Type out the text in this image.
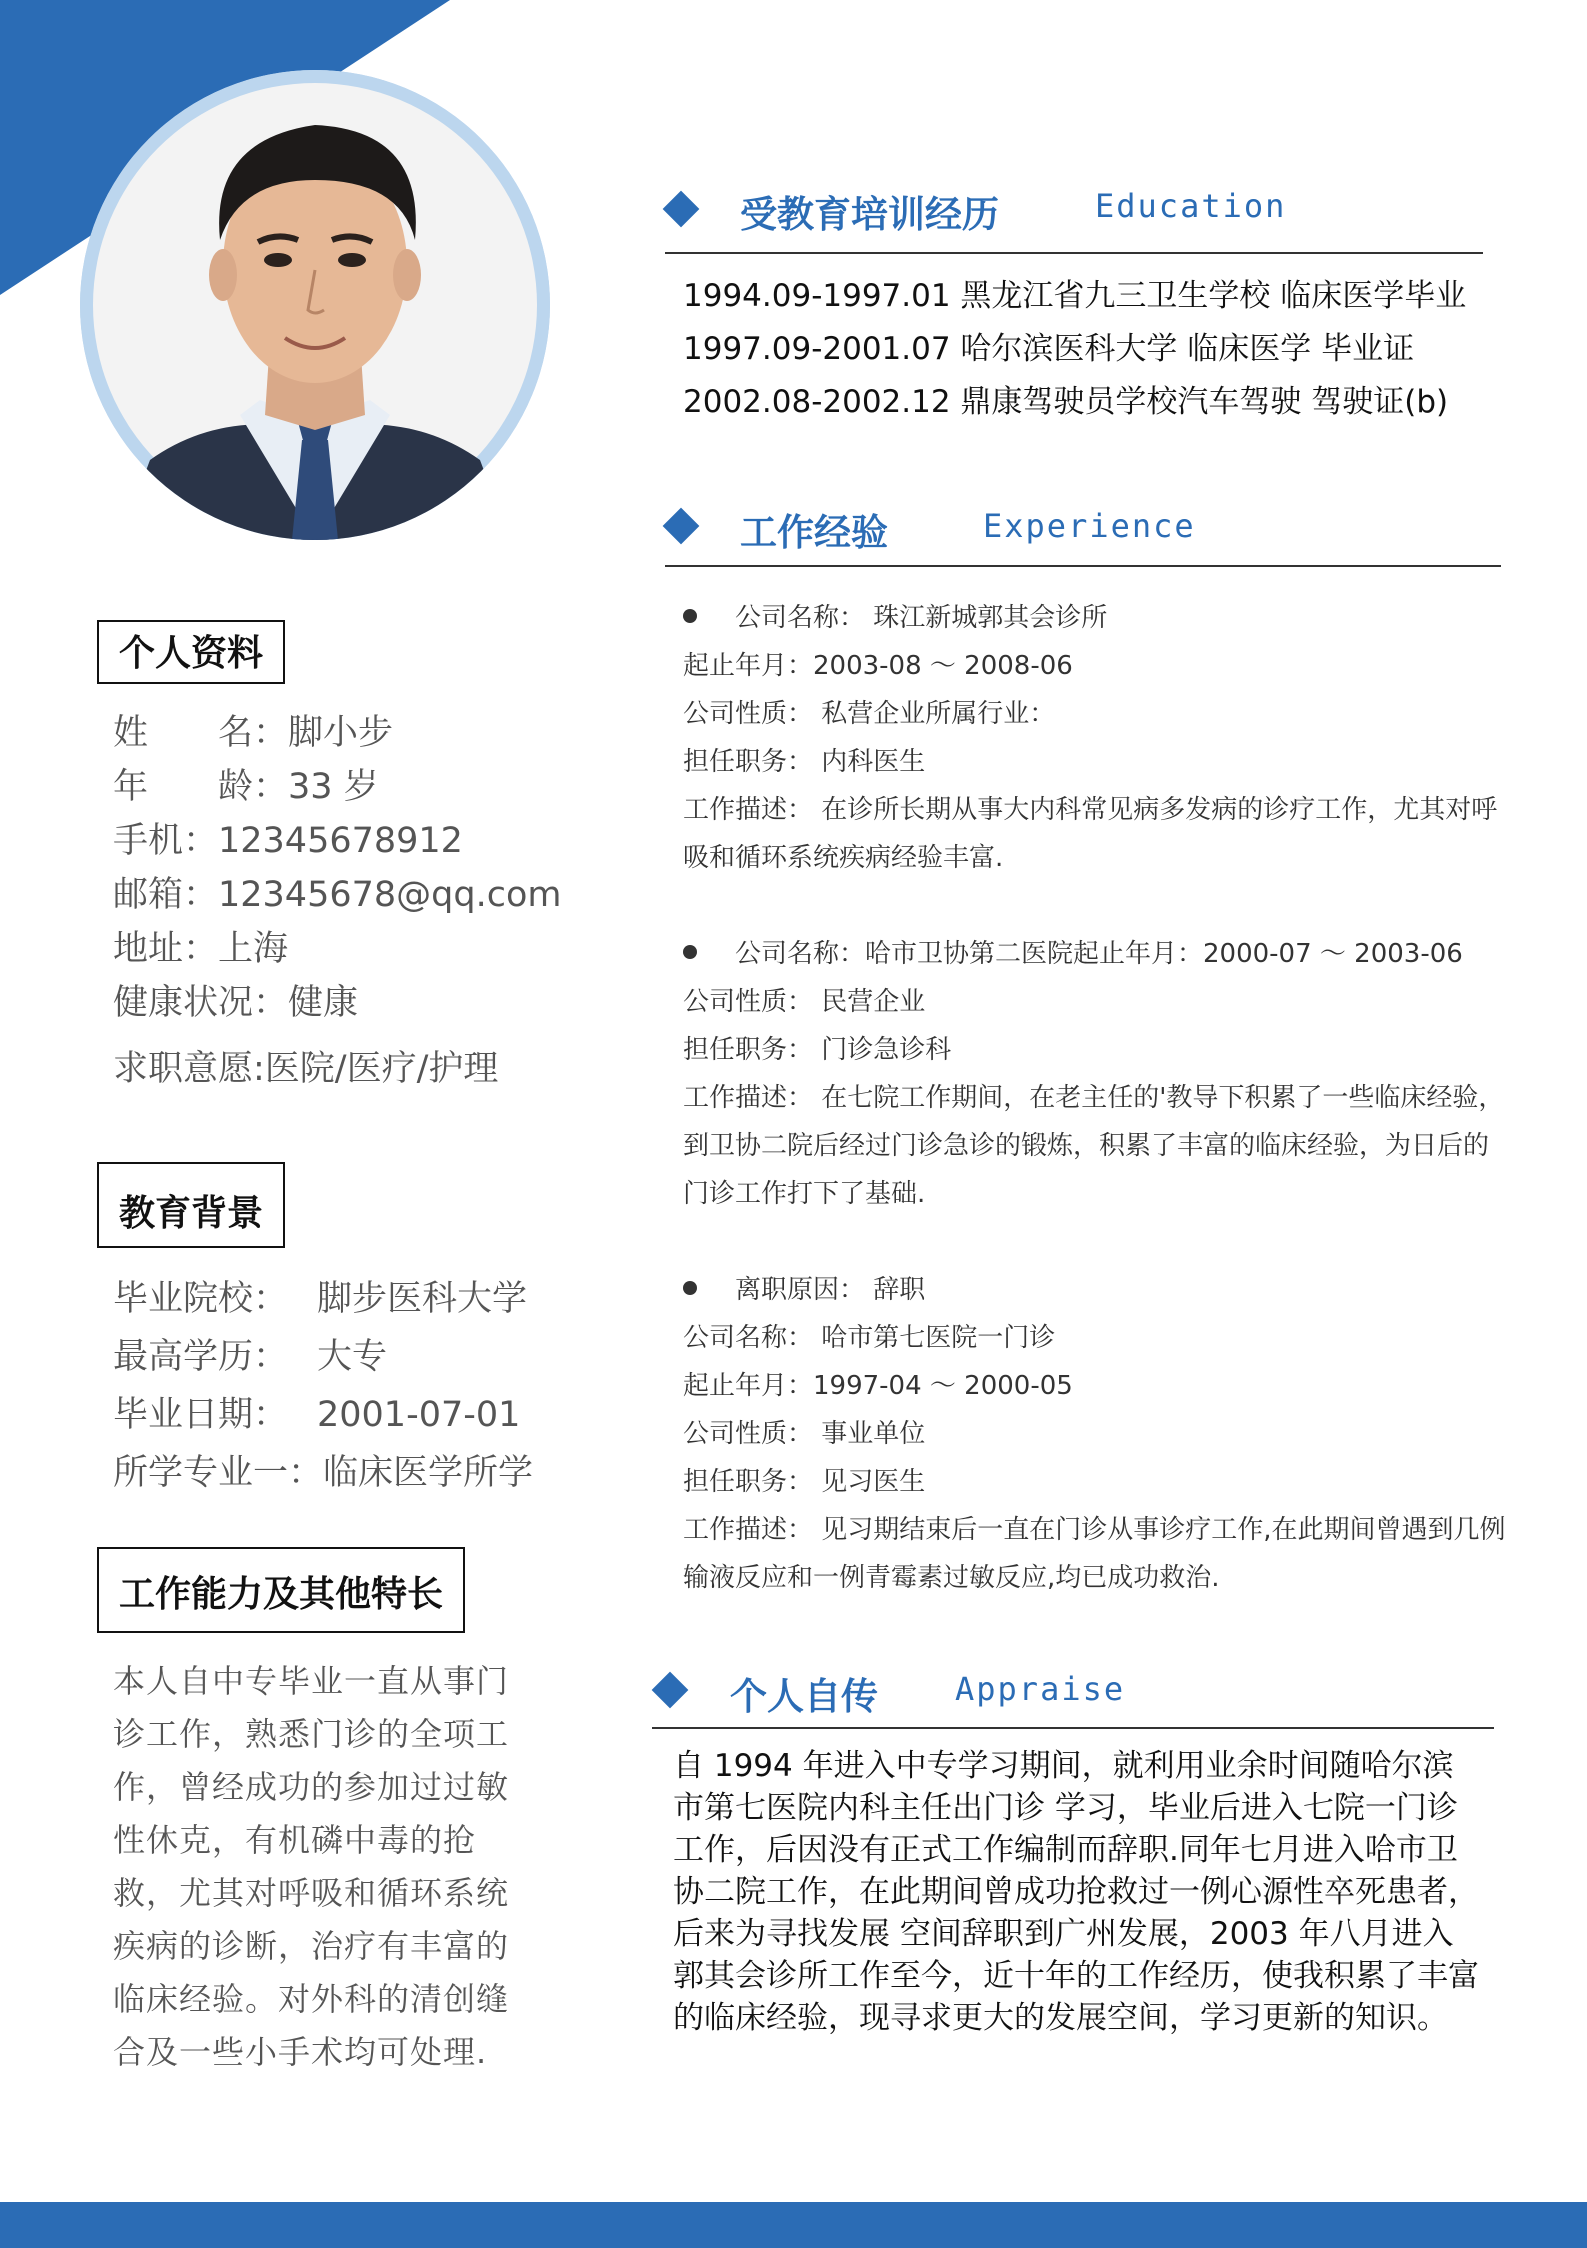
个人资料
姓　　名：脚小步
年　　龄：33 岁
手机：12345678912
邮箱：12345678@qq.com
地址：上海
健康状况：健康
求职意愿:医院/医疗/护理
教育背景
毕业院校： 脚步医科大学
最高学历： 大专
毕业日期： 2001-07-01
所学专业一：临床医学所学
工作能力及其他特长
本人自中专毕业一直从事门诊工作，熟悉门诊的全项工作，曾经成功的参加过过敏性休克，有机磷中毒的抢救，尤其对呼吸和循环系统疾病的诊断，治疗有丰富的临床经验。对外科的清创缝合及一些小手术均可处理.
受教育培训经历	Education
1994.09-1997.01 黑龙江省九三卫生学校 临床医学毕业
1997.09-2001.07 哈尔滨医科大学 临床医学 毕业证
2002.08-2002.12 鼎康驾驶员学校汽车驾驶 驾驶证(b)
工作经验	Experience
公司名称： 珠江新城郭其会诊所
起止年月：2003-08 ～ 2008-06
公司性质： 私营企业所属行业：
担任职务： 内科医生
工作描述： 在诊所长期从事大内科常见病多发病的诊疗工作，尤其对呼吸和循环系统疾病经验丰富.
公司名称：哈市卫协第二医院起止年月：2000-07 ～ 2003-06
公司性质： 民营企业
担任职务： 门诊急诊科
工作描述： 在七院工作期间，在老主任的'教导下积累了一些临床经验，到卫协二院后经过门诊急诊的锻炼，积累了丰富的临床经验，为日后的门诊工作打下了基础.
离职原因： 辞职
公司名称： 哈市第七医院一门诊
起止年月：1997-04 ～ 2000-05
公司性质： 事业单位
担任职务： 见习医生
工作描述： 见习期结束后一直在门诊从事诊疗工作,在此期间曾遇到几例输液反应和一例青霉素过敏反应,均已成功救治.
个人自传 Appraise
自 1994 年进入中专学习期间，就利用业余时间随哈尔滨市第七医院内科主任出门诊 学习，毕业后进入七院一门诊工作，后因没有正式工作编制而辞职.同年七月进入哈市卫协二院工作，在此期间曾成功抢救过一例心源性卒死患者，后来为寻找发展 空间辞职到广州发展，2003 年八月进入郭其会诊所工作至今，近十年的工作经历，使我积累了丰富的临床经验，现寻求更大的发展空间，学习更新的知识。
